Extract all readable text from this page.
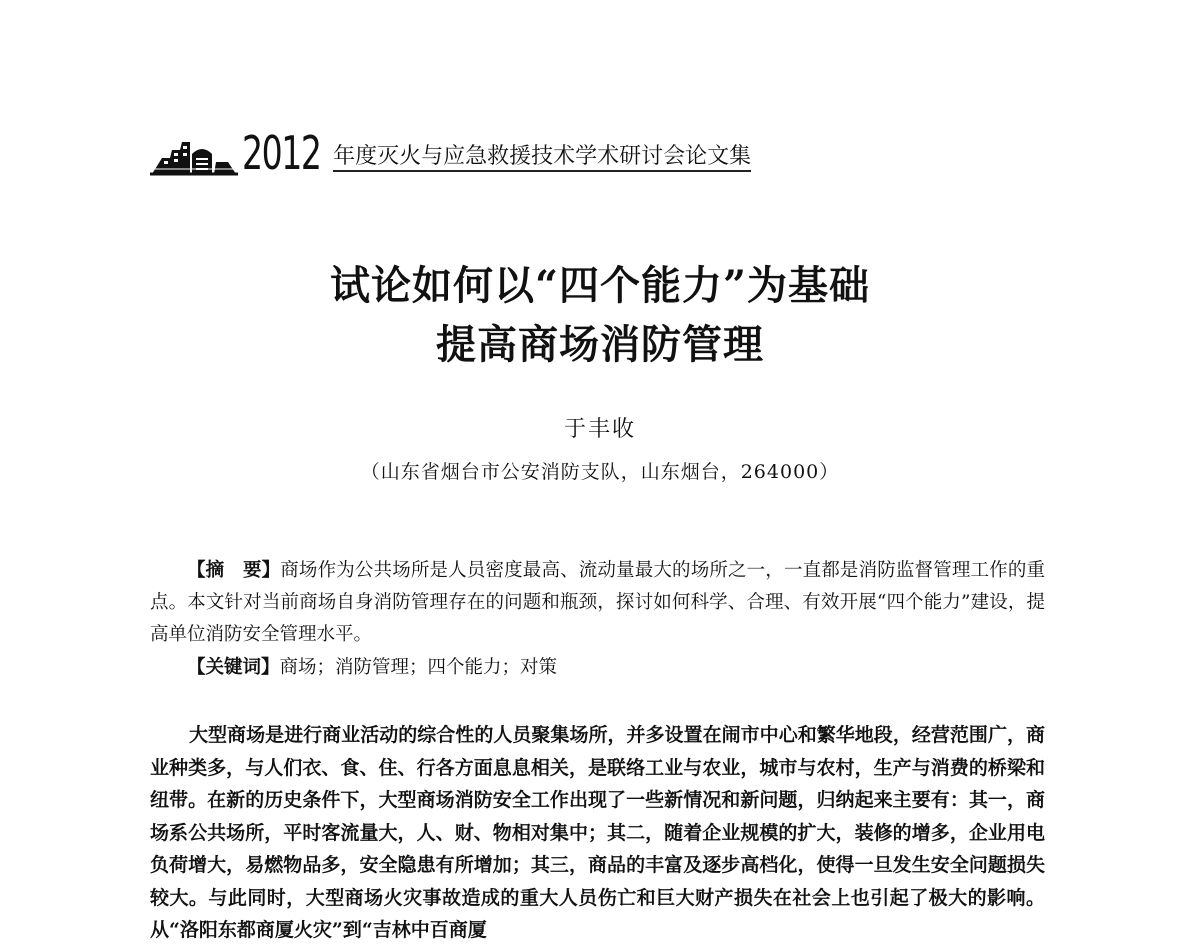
2012 年度灭火与应急救援技术学术研讨会论文集
试论如何以“四个能力”为基础
提高商场消防管理
于丰收
（山东省烟台市公安消防支队，山东烟台，264000）

【摘　要】商场作为公共场所是人员密度最高、流动量最大的场所之一，一直都是消防监督管理工作的重点。本文针对当前商场自身消防管理存在的问题和瓶颈，探讨如何科学、合理、有效开展“四个能力”建设，提高单位消防安全管理水平。

【关键词】商场；消防管理；四个能力；对策

大型商场是进行商业活动的综合性的人员聚集场所，并多设置在闹市中心和繁华地段，经营范围广，商业种类多，与人们衣、食、住、行各方面息息相关，是联络工业与农业，城市与农村，生产与消费的桥梁和纽带。在新的历史条件下，大型商场消防安全工作出现了一些新情况和新问题，归纳起来主要有：其一，商场系公共场所，平时客流量大，人、财、物相对集中；其二，随着企业规模的扩大，装修的增多，企业用电负荷增大，易燃物品多，安全隐患有所增加；其三，商品的丰富及逐步高档化，使得一旦发生安全问题损失较大。与此同时，大型商场火灾事故造成的重大人员伤亡和巨大财产损失在社会上也引起了极大的影响。从“洛阳东都商厦火灾”到“吉林中百商厦
